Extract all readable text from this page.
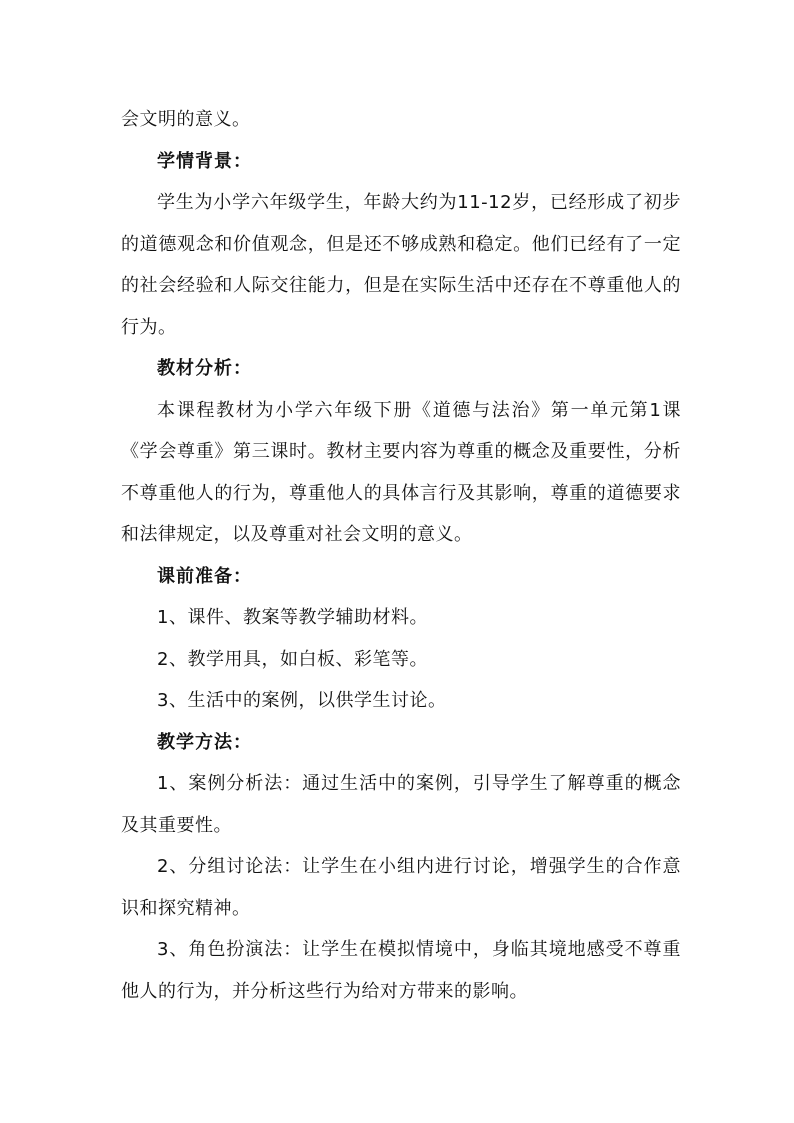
会文明的意义。

学情背景：

学生为小学六年级学生，年龄大约为11-12岁，已经形成了初步的道德观念和价值观念，但是还不够成熟和稳定。他们已经有了一定的社会经验和人际交往能力，但是在实际生活中还存在不尊重他人的行为。

教材分析：

本课程教材为小学六年级下册《道德与法治》第一单元第1课《学会尊重》第三课时。教材主要内容为尊重的概念及重要性，分析不尊重他人的行为，尊重他人的具体言行及其影响，尊重的道德要求和法律规定，以及尊重对社会文明的意义。

课前准备：

1、课件、教案等教学辅助材料。

2、教学用具，如白板、彩笔等。

3、生活中的案例，以供学生讨论。

教学方法：

1、案例分析法：通过生活中的案例，引导学生了解尊重的概念及其重要性。

2、分组讨论法：让学生在小组内进行讨论，增强学生的合作意识和探究精神。

3、角色扮演法：让学生在模拟情境中，身临其境地感受不尊重他人的行为，并分析这些行为给对方带来的影响。
